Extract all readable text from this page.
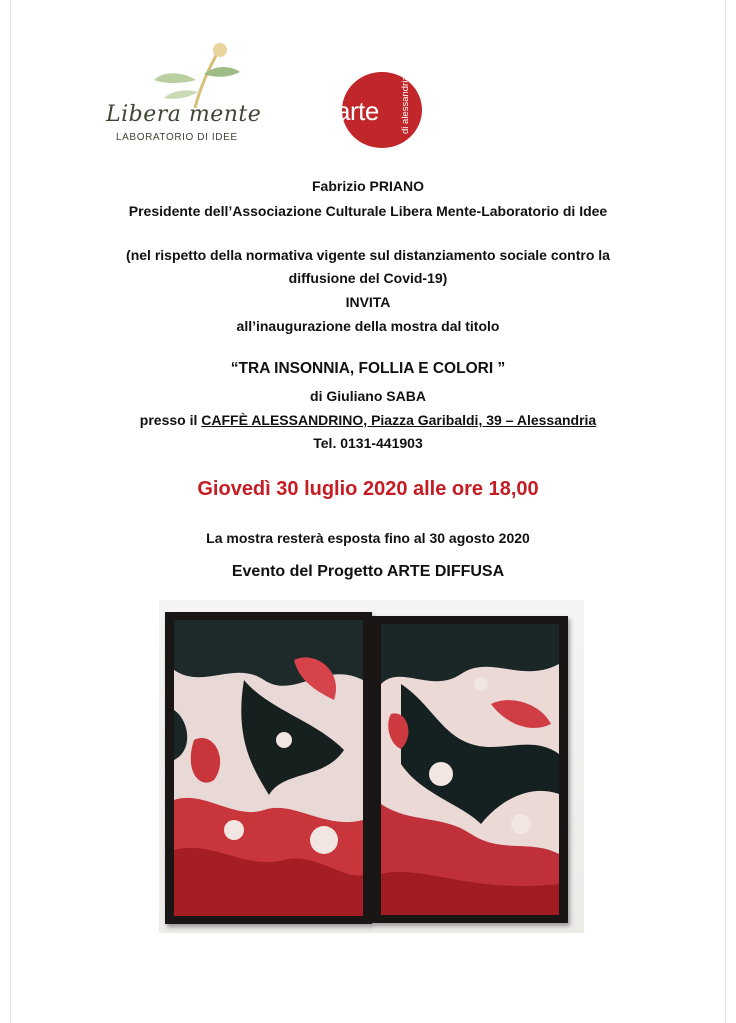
Libera mente
LABORATORIO DI IDEE
arte di alessandria
Fabrizio PRIANO
Presidente dell’Associazione Culturale Libera Mente-Laboratorio di Idee
(nel rispetto della normativa vigente sul distanziamento sociale contro la
diffusione del Covid-19)
INVITA
all’inaugurazione della mostra dal titolo
“TRA INSONNIA, FOLLIA E COLORI ”
di Giuliano SABA
presso il CAFFÈ ALESSANDRINO, Piazza Garibaldi, 39 – Alessandria
Tel. 0131-441903
Giovedì 30 luglio 2020 alle ore 18,00
La mostra resterà esposta fino al 30 agosto 2020
Evento del Progetto ARTE DIFFUSA
